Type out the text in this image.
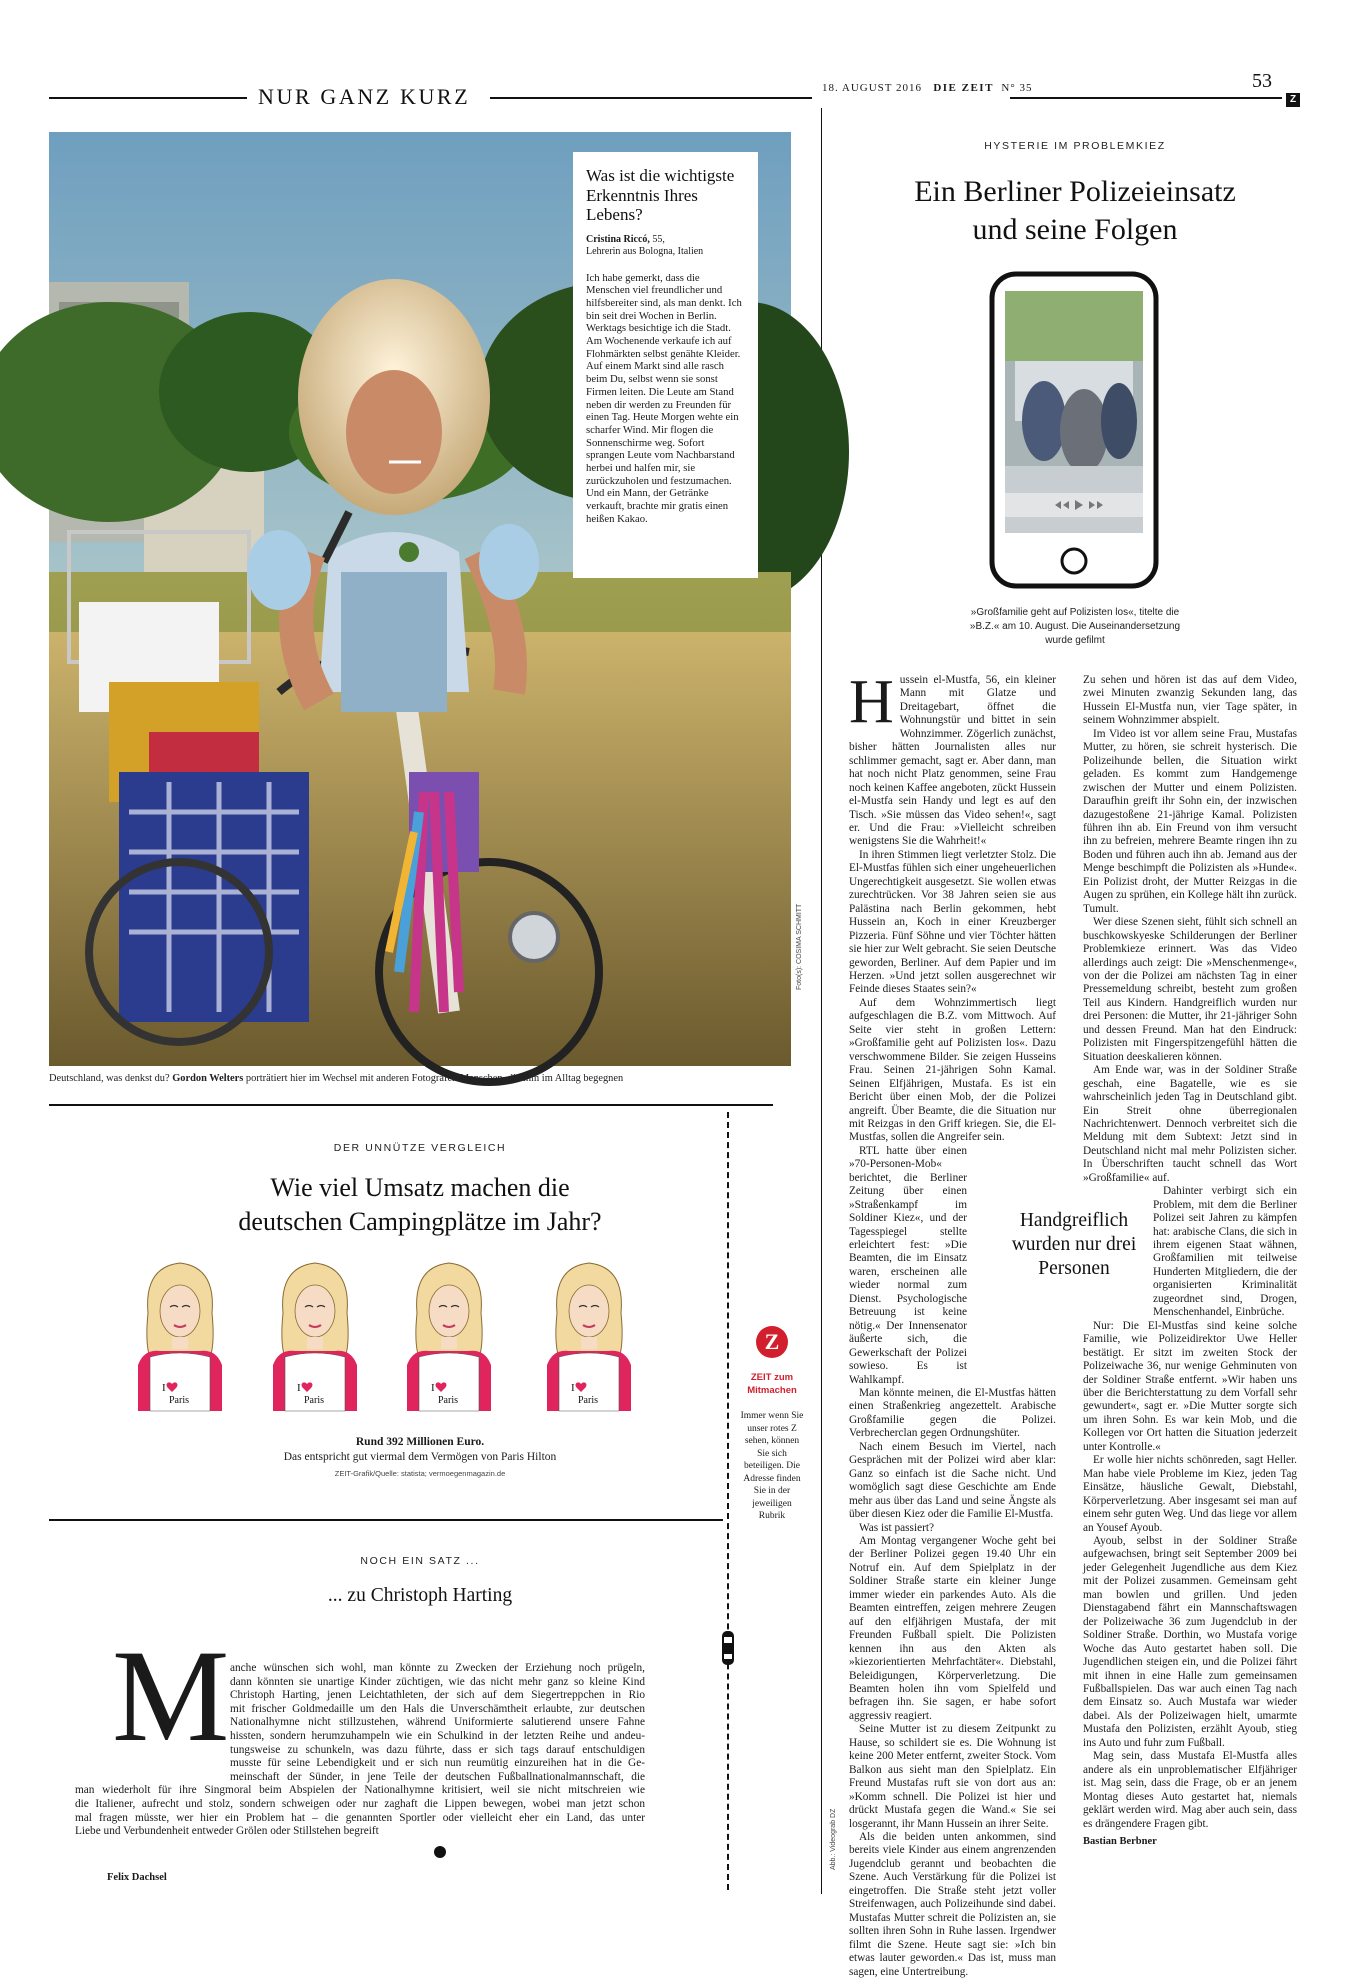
NUR GANZ KURZ	18. AUGUST 2016 DIE ZEIT N° 35	53
Z
Was ist die wichtigste Erkenntnis Ihres Lebens?
Cristina Riccó, 55,
Lehrerin aus Bologna, Italien
Ich habe gemerkt, dass die Menschen viel freundlicher und hilfsbereiter sind, als man denkt. Ich bin seit drei Wochen in Berlin. Werktags besichtige ich die Stadt. Am Wochenende verkaufe ich auf Flohmärkten selbst genähte Kleider. Auf einem Markt sind alle rasch beim Du, selbst wenn sie sonst Firmen leiten. Die Leute am Stand neben dir werden zu Freunden für einen Tag. Heute Morgen wehte ein scharfer Wind. Mir flogen die Sonnenschirme weg. Sofort sprangen Leute vom Nachbarstand herbei und halfen mir, sie zurückzuholen und festzumachen. Und ein Mann, der Getränke verkauft, brachte mir gratis einen heißen Kakao.
Foto(s): COSIMA SCHMITT
Deutschland, was denkst du? Gordon Welters porträtiert hier im Wechsel mit anderen Fotografen Menschen, die ihm im Alltag begegnen
HYSTERIE IM PROBLEMKIEZ
Ein Berliner Polizeieinsatz
und seine Folgen
»Großfamilie geht auf Polizisten los«, titelte die »B.Z.« am 10. August. Die Auseinandersetzung wurde gefilmt
H ussein el-Mustfa, 56, ein kleiner Mann mit Glatze und Dreitagebart, öffnet die Wohnungstür und bittet in sein Wohnzimmer. Zögerlich zunächst, bisher hätten Journalisten alles nur schlimmer gemacht, sagt er. Aber dann, man hat noch nicht Platz genommen, seine Frau noch keinen Kaffee angeboten, zückt Hussein el-Mustfa sein Handy und legt es auf den Tisch. »Sie müssen das Video sehen!«, sagt er. Und die Frau: »Vielleicht schreiben wenigstens Sie die Wahrheit!«

In ihren Stimmen liegt verletzter Stolz. Die El-Mustfas fühlen sich einer ungeheuerlichen Ungerechtigkeit ausgesetzt. Sie wollen etwas zurechtrücken. Vor 38 Jahren seien sie aus Palästina nach Berlin gekommen, hebt Hussein an, Koch in einer Kreuzberger Pizzeria. Fünf Söhne und vier Töchter hätten sie hier zur Welt gebracht. Sie seien Deutsche geworden, Berliner. Auf dem Papier und im Herzen. »Und jetzt sollen ausgerechnet wir Feinde dieses Staates sein?«

Auf dem Wohnzimmertisch liegt aufgeschlagen die B.Z. vom Mittwoch. Auf Seite vier steht in großen Lettern: »Großfamilie geht auf Polizisten los«. Dazu verschwommene Bilder. Sie zeigen Husseins Frau. Seinen 21-jährigen Sohn Kamal. Seinen Elfjährigen, Mustafa. Es ist ein Bericht über einen Mob, der die Polizei angreift. Über Beamte, die die Situation nur mit Reizgas in den Griff kriegen. Sie, die El-Mustfas, sollen die Angreifer sein.

RTL hatte über einen »70-Personen-Mob« berichtet, die Berliner Zeitung über einen »Straßenkampf im Soldiner Kiez«, und der Tagesspiegel stellte erleichtert fest: »Die Beamten, die im Einsatz waren, erscheinen alle wieder normal zum Dienst. Psychologische Betreuung ist keine nötig.« Der Innensenator äußerte sich, die Gewerkschaft der Polizei sowieso. Es ist Wahlkampf.

Man könnte meinen, die El-Mustfas hätten einen Straßenkrieg angezettelt. Arabische Großfamilie gegen die Polizei. Verbrecherclan gegen Ordnungshüter.

Nach einem Besuch im Viertel, nach Gesprächen mit der Polizei wird aber klar: Ganz so einfach ist die Sache nicht. Und womöglich sagt diese Geschichte am Ende mehr aus über das Land und seine Ängste als über diesen Kiez oder die Familie El-Mustfa.

Was ist passiert?

Am Montag vergangener Woche geht bei der Berliner Polizei gegen 19.40 Uhr ein Notruf ein. Auf dem Spielplatz in der Soldiner Straße starte ein kleiner Junge immer wieder ein parkendes Auto. Als die Beamten eintreffen, zeigen mehrere Zeugen auf den elfjährigen Mustafa, der mit Freunden Fußball spielt. Die Polizisten kennen ihn aus den Akten als »kiezorientierten Mehrfachtäter«. Diebstahl, Beleidigungen, Körperverletzung. Die Beamten holen ihn vom Spielfeld und befragen ihn. Sie sagen, er habe sofort aggressiv reagiert.

Seine Mutter ist zu diesem Zeitpunkt zu Hause, so schildert sie es. Die Wohnung ist keine 200 Meter entfernt, zweiter Stock. Vom Balkon aus sieht man den Spielplatz. Ein Freund Mustafas ruft sie von dort aus an: »Komm schnell. Die Polizei ist hier und drückt Mustafa gegen die Wand.« Sie sei losgerannt, ihr Mann Hussein an ihrer Seite.

Als die beiden unten ankommen, sind bereits viele Kinder aus einem angrenzenden Jugendclub gerannt und beobachten die Szene. Auch Verstärkung für die Polizei ist eingetroffen. Die Straße steht jetzt voller Streifenwagen, auch Polizeihunde sind dabei. Mustafas Mutter schreit die Polizisten an, sie sollten ihren Sohn in Ruhe lassen. Irgendwer filmt die Szene. Heute sagt sie: »Ich bin etwas lauter geworden.« Das ist, muss man sagen, eine Untertreibung.

Zu sehen und hören ist das auf dem Video, zwei Minuten zwanzig Sekunden lang, das Hussein El-Mustfa nun, vier Tage später, in seinem Wohnzimmer abspielt.

Im Video ist vor allem seine Frau, Mustafas Mutter, zu hören, sie schreit hysterisch. Die Polizeihunde bellen, die Situation wirkt geladen. Es kommt zum Handgemenge zwischen der Mutter und einem Polizisten. Daraufhin greift ihr Sohn ein, der inzwischen dazugestoßene 21-jährige Kamal. Polizisten führen ihn ab. Ein Freund von ihm versucht ihn zu befreien, mehrere Beamte ringen ihn zu Boden und führen auch ihn ab. Jemand aus der Menge beschimpft die Polizisten als »Hunde«. Ein Polizist droht, der Mutter Reizgas in die Augen zu sprühen, ein Kollege hält ihn zurück. Tumult.

Wer diese Szenen sieht, fühlt sich schnell an buschkowskyeske Schilderungen der Berliner Problemkieze erinnert. Was das Video allerdings auch zeigt: Die »Menschenmenge«, von der die Polizei am nächsten Tag in einer Pressemeldung schreibt, besteht zum großen Teil aus Kindern. Handgreiflich wurden nur drei Personen: die Mutter, ihr 21-jähriger Sohn und dessen Freund. Man hat den Eindruck: Polizisten mit Fingerspitzengefühl hätten die Situation deeskalieren können.

Am Ende war, was in der Soldiner Straße geschah, eine Bagatelle, wie es sie wahrscheinlich jeden Tag in Deutschland gibt. Ein Streit ohne überregionalen Nachrichtenwert. Dennoch verbreitet sich die Meldung mit dem Subtext: Jetzt sind in Deutschland nicht mal mehr Polizisten sicher. In Überschriften taucht schnell das Wort »Großfamilie« auf.

Dahinter verbirgt sich ein Problem, mit dem die Berliner Polizei seit Jahren zu kämpfen hat: arabische Clans, die sich in ihrem eigenen Staat wähnen, Großfamilien mit teilweise Hunderten Mitgliedern, die der organisierten Kriminalität zugeordnet sind, Drogen, Menschenhandel, Einbrüche.

Nur: Die El-Mustfas sind keine solche Familie, wie Polizeidirektor Uwe Heller bestätigt. Er sitzt im zweiten Stock der Polizeiwache 36, nur wenige Gehminuten von der Soldiner Straße entfernt. »Wir haben uns über die Berichterstattung zu dem Vorfall sehr gewundert«, sagt er. »Die Mutter sorgte sich um ihren Sohn. Es war kein Mob, und die Kollegen vor Ort hatten die Situation jederzeit unter Kontrolle.«

Er wolle hier nichts schönreden, sagt Heller. Man habe viele Probleme im Kiez, jeden Tag Einsätze, häusliche Gewalt, Diebstahl, Körperverletzung. Aber insgesamt sei man auf einem sehr guten Weg. Und das liege vor allem an Yousef Ayoub.

Ayoub, selbst in der Soldiner Straße aufgewachsen, bringt seit September 2009 bei jeder Gelegenheit Jugendliche aus dem Kiez mit der Polizei zusammen. Gemeinsam geht man bowlen und grillen. Und jeden Dienstagabend fährt ein Mannschaftswagen der Polizeiwache 36 zum Jugendclub in der Soldiner Straße. Dorthin, wo Mustafa vorige Woche das Auto gestartet haben soll. Die Jugendlichen steigen ein, und die Polizei fährt mit ihnen in eine Halle zum gemeinsamen Fußballspielen. Das war auch einen Tag nach dem Einsatz so. Auch Mustafa war wieder dabei. Als der Polizeiwagen hielt, umarmte Mustafa den Polizisten, erzählt Ayoub, stieg ins Auto und fuhr zum Fußball.

Mag sein, dass Mustafa El-Mustfa alles andere als ein unproblematischer Elfjähriger ist. Mag sein, dass die Frage, ob er an jenem Montag dieses Auto gestartet hat, niemals geklärt werden wird. Mag aber auch sein, dass es drängendere Fragen gibt.

Bastian Berbner

Handgreiflich wurden nur drei Personen
Abb.: Videograb DZ
DER UNNÜTZE VERGLEICH
Wie viel Umsatz machen die
deutschen Campingplätze im Jahr?
I
Paris
I
Paris
I
Paris
I
Paris
Rund 392 Millionen Euro.
Das entspricht gut viermal dem Vermögen von Paris Hilton
ZEIT-Grafik/Quelle: statista; vermoegenmagazin.de
Z
ZEIT zum Mitmachen
Immer wenn Sie unser rotes Z sehen, können Sie sich beteiligen. Die Adresse finden Sie in der jeweiligen Rubrik
NOCH EIN SATZ ...
... zu Christoph Harting
M anche wünschen sich wohl, man könnte zu Zwecken der Erziehung noch prügeln,
dann könnten sie unartige Kinder züchtigen, wie das nicht mehr ganz so kleine Kind
Christoph Harting, jenen Leichtathleten, der sich auf dem Siegertreppchen in Rio
mit frischer Goldmedaille um den Hals die Unverschämtheit erlaubte, zur deutschen
Nationalhymne nicht stillzustehen, während Uniformierte salutierend unsere Fahne
hissten, sondern herumzuhampeln wie ein Schulkind in der letzten Reihe und andeu-
tungsweise zu schunkeln, was dazu führte, dass er sich tags darauf entschuldigen
musste für seine Lebendigkeit und er sich nun reumütig einzureihen hat in die Ge-
meinschaft der Sünder, in jene Teile der deutschen Fußballnationalmannschaft, die
man wiederholt für ihre Singmoral beim Abspielen der Nationalhymne kritisiert, weil sie nicht mitschreien wie
die Italiener, aufrecht und stolz, sondern schweigen oder nur zaghaft die Lippen bewegen, wobei man jetzt schon
mal fragen müsste, wer hier ein Problem hat – die genannten Sportler oder vielleicht eher ein Land, das unter
Liebe und Verbundenheit entweder Grölen oder Stillstehen begreift
Felix Dachsel
